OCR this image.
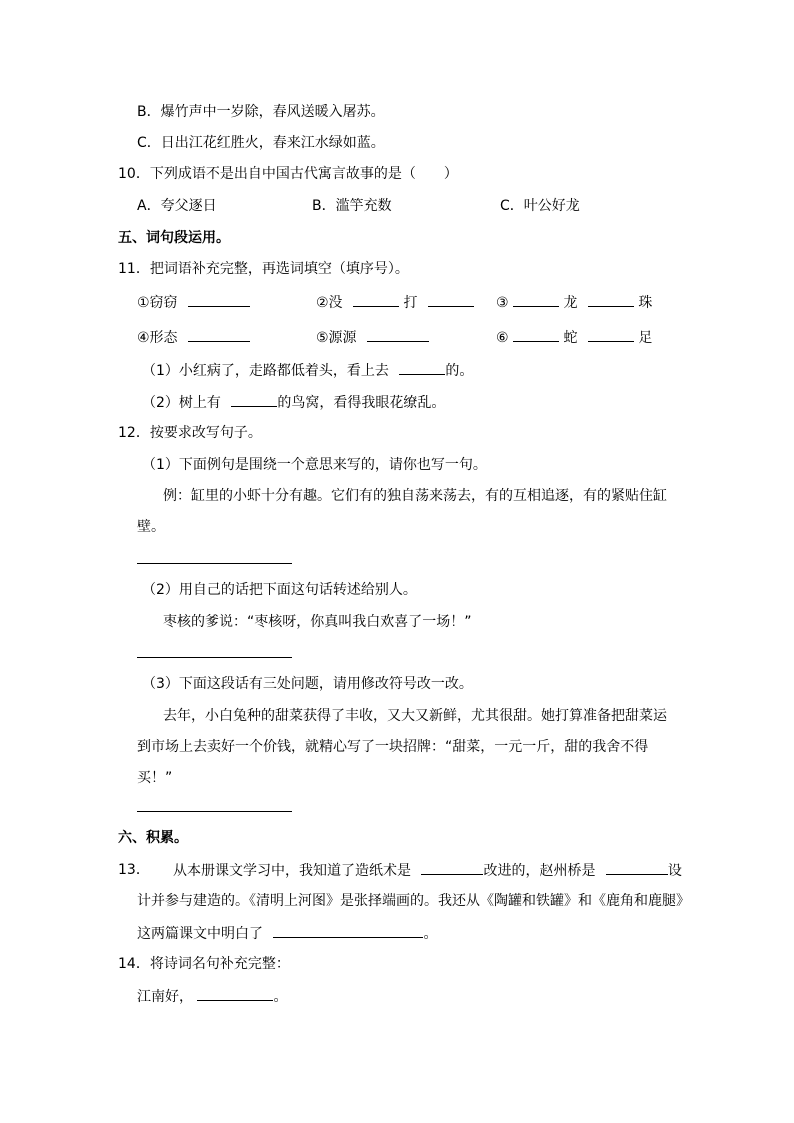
B．爆竹声中一岁除，春风送暖入屠苏。
C．日出江花红胜火，春来江水绿如蓝。
10．下列成语不是出自中国古代寓言故事的是（　　）
A．夸父逐日	B．滥竽充数	C．叶公好龙
五、词句段运用。
11．把词语补充完整，再选词填空（填序号）。
①窃窃	②没	打	③	龙	珠
④形态	⑤源源	⑥	蛇	足
（1）小红病了，走路都低着头，看上去	的。
（2）树上有	的鸟窝，看得我眼花缭乱。
12．按要求改写句子。
（1）下面例句是围绕一个意思来写的，请你也写一句。
例：缸里的小虾十分有趣。它们有的独自荡来荡去，有的互相追逐，有的紧贴住缸
壁。
（2）用自己的话把下面这句话转述给别人。
枣核的爹说：“枣核呀，你真叫我白欢喜了一场！”
（3）下面这段话有三处问题，请用修改符号改一改。
去年，小白兔种的甜菜获得了丰收，又大又新鲜，尤其很甜。她打算准备把甜菜运
到市场上去卖好一个价钱，就精心写了一块招牌：“甜菜，一元一斤，甜的我舍不得
买！”
六、积累。
13． 从本册课文学习中，我知道了造纸术是	改进的，赵州桥是	设
计并参与建造的。《清明上河图》是张择端画的。我还从《陶罐和铁罐》和《鹿角和鹿腿》
这两篇课文中明白了	。
14．将诗词名句补充完整：
江南好，	。
